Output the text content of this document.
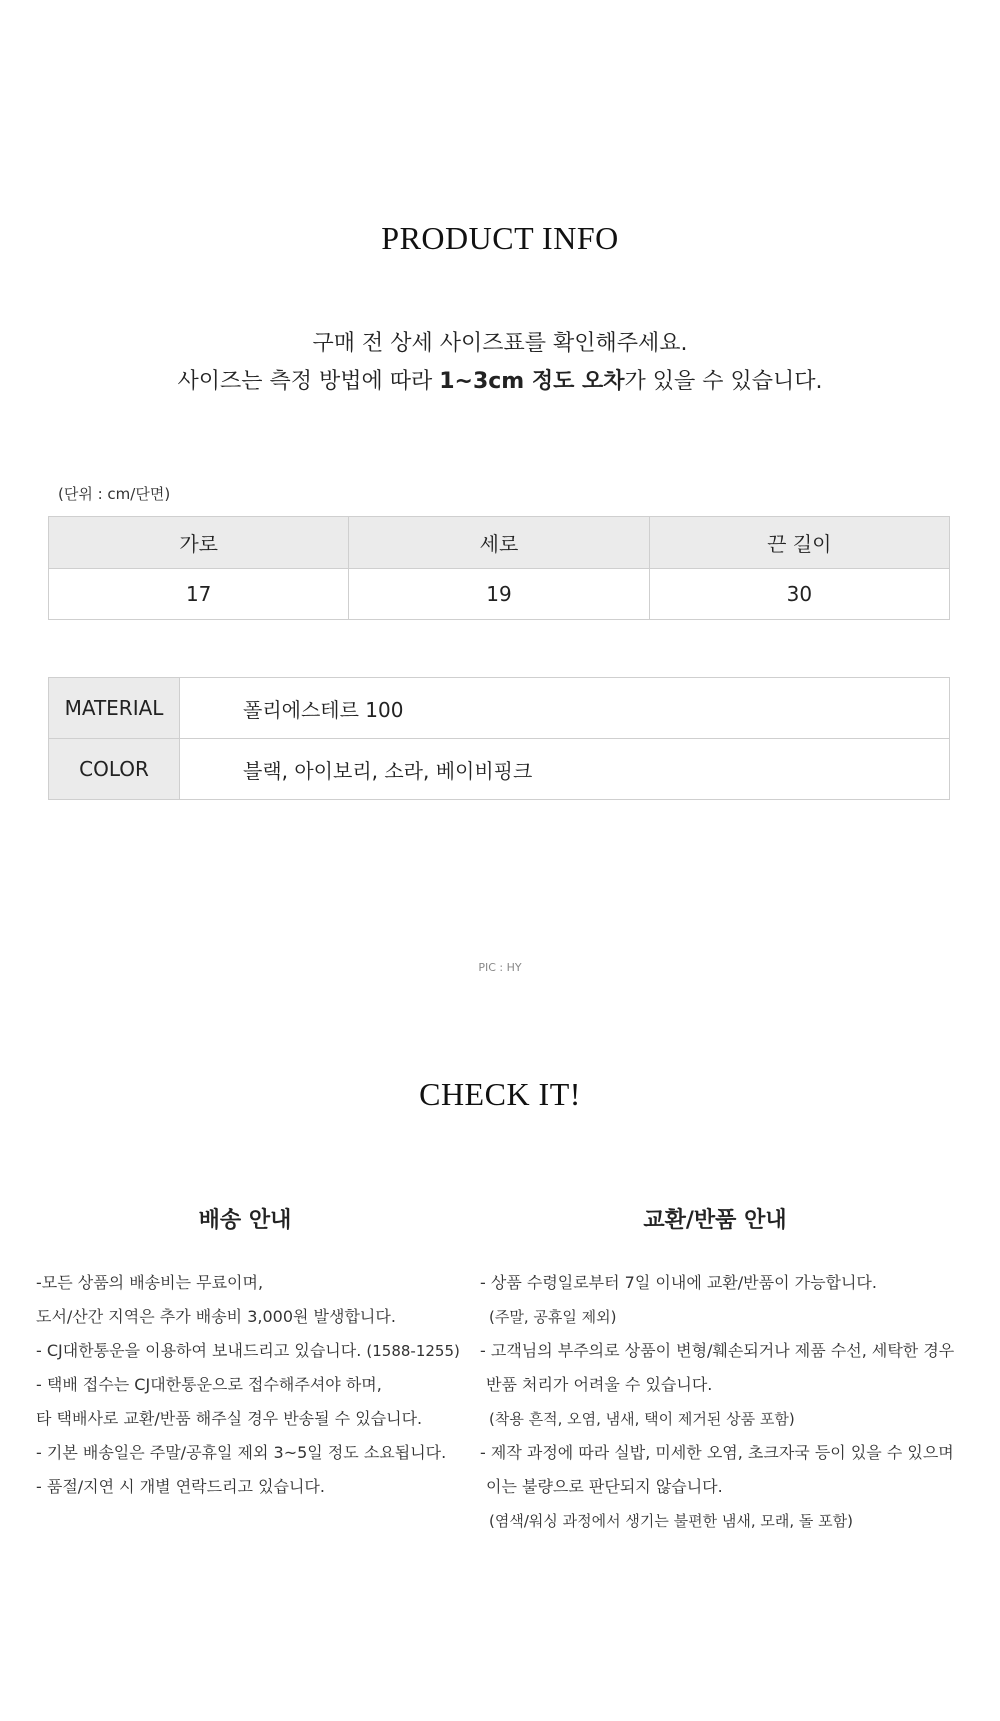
PRODUCT INFO
구매 전 상세 사이즈표를 확인해주세요.
사이즈는 측정 방법에 따라 1~3cm 정도 오차가 있을 수 있습니다.
(단위 : cm/단면)
가로	세로	끈 길이
17	19	30
MATERIAL	폴리에스테르 100
COLOR	블랙, 아이보리, 소라, 베이비핑크
PIC : HY
CHECK IT!
배송 안내	교환/반품 안내
-모든 상품의 배송비는 무료이며,
도서/산간 지역은 추가 배송비 3,000원 발생합니다.
- CJ대한통운을 이용하여 보내드리고 있습니다. (1588-1255)
- 택배 접수는 CJ대한통운으로 접수해주셔야 하며,
타 택배사로 교환/반품 해주실 경우 반송될 수 있습니다.
- 기본 배송일은 주말/공휴일 제외 3~5일 정도 소요됩니다.
- 품절/지연 시 개별 연락드리고 있습니다.
- 상품 수령일로부터 7일 이내에 교환/반품이 가능합니다.
(주말, 공휴일 제외)
- 고객님의 부주의로 상품이 변형/훼손되거나 제품 수선, 세탁한 경우
반품 처리가 어려울 수 있습니다.
(착용 흔적, 오염, 냄새, 택이 제거된 상품 포함)
- 제작 과정에 따라 실밥, 미세한 오염, 초크자국 등이 있을 수 있으며
이는 불량으로 판단되지 않습니다.
(염색/워싱 과정에서 생기는 불편한 냄새, 모래, 돌 포함)
